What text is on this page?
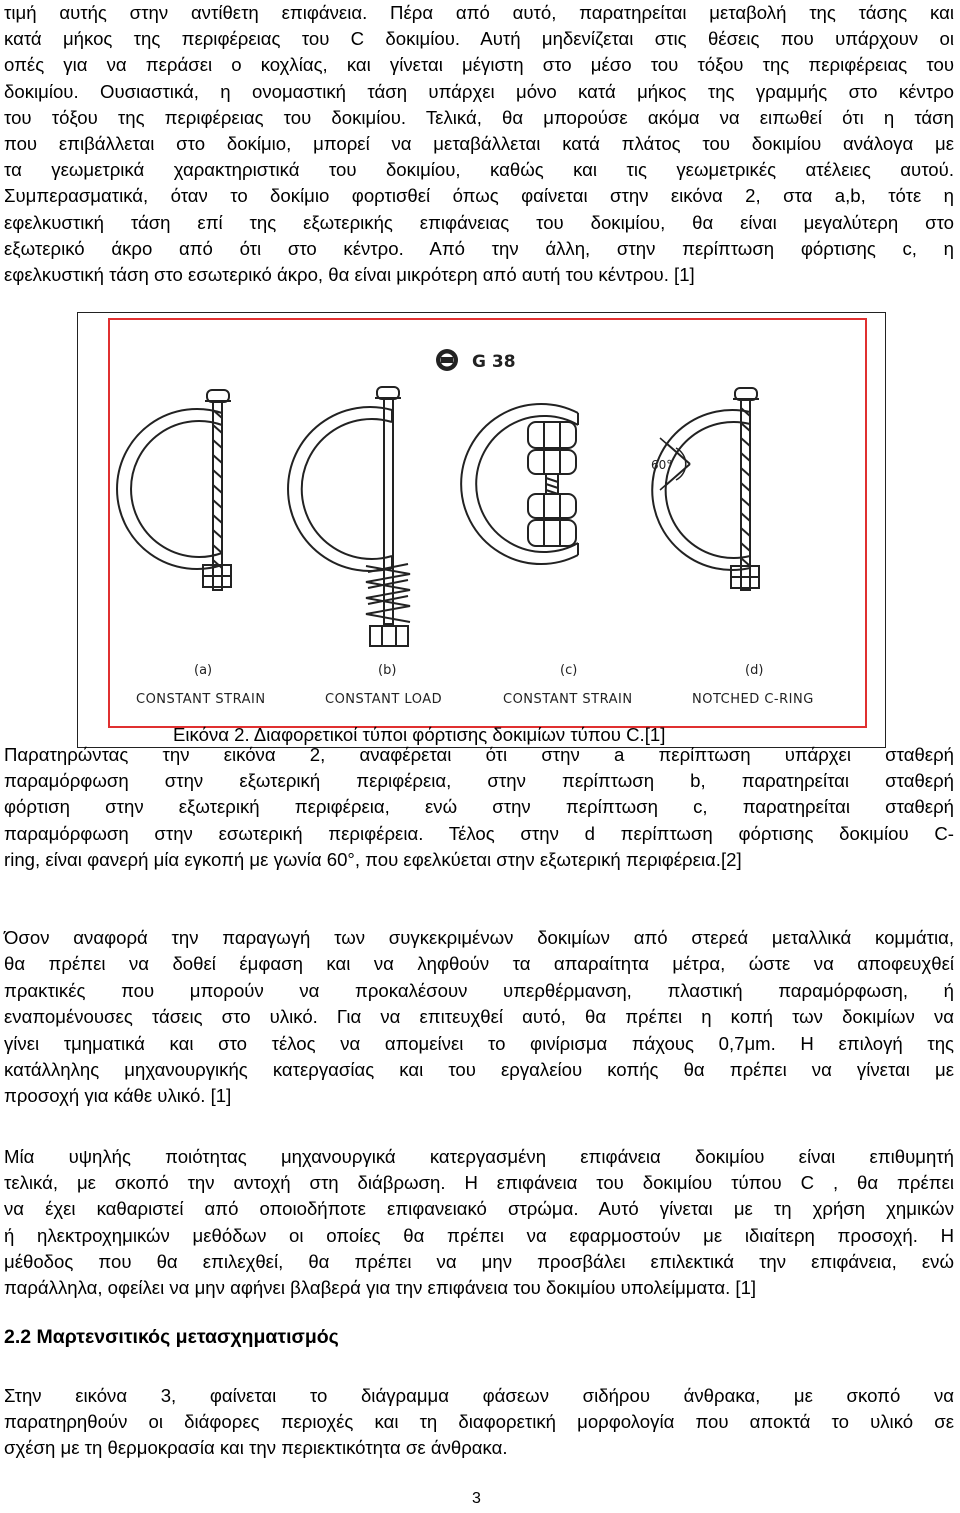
τιμή αυτής στην αντίθετη επιφάνεια. Πέρα από αυτό, παρατηρείται μεταβολή της τάσης και
κατά μήκος της περιφέρειας του C δοκιμίου. Αυτή μηδενίζεται στις θέσεις που υπάρχουν οι
οπές για να περάσει ο κοχλίας, και γίνεται μέγιστη στο μέσο του τόξου της περιφέρειας του
δοκιμίου. Ουσιαστικά, η ονομαστική τάση υπάρχει μόνο κατά μήκος της γραμμής στο κέντρο
του τόξου της περιφέρειας του δοκιμίου. Τελικά, θα μπορούσε ακόμα να ειπωθεί ότι η τάση
που επιβάλλεται στο δοκίμιο, μπορεί να μεταβάλλεται κατά πλάτος του δοκιμίου ανάλογα με
τα γεωμετρικά χαρακτηριστικά του δοκιμίου, καθώς και τις γεωμετρικές ατέλειες αυτού.
Συμπερασματικά, όταν το δοκίμιο φορτισθεί όπως φαίνεται στην εικόνα 2, στα a,b, τότε η
εφελκυστική τάση επί της εξωτερικής επιφάνειας του δοκιμίου, θα είναι μεγαλύτερη στο
εξωτερικό άκρο από ότι στο κέντρο. Από την άλλη, στην περίπτωση φόρτισης c, η
εφελκυστική τάση στο εσωτερικό άκρο, θα είναι μικρότερη από αυτή του κέντρου. [1]
G 38
60°
(a)	(b)	(c)	(d)
CONSTANT STRAIN	CONSTANT LOAD	CONSTANT STRAIN	NOTCHED C-RING

Εικόνα 2. Διαφορετικοί τύποι φόρτισης δοκιμίων τύπου C.[1]

Παρατηρώντας την εικόνα 2, αναφέρεται ότι στην a περίπτωση υπάρχει σταθερή
παραμόρφωση στην εξωτερική περιφέρεια, στην περίπτωση b, παρατηρείται σταθερή
φόρτιση στην εξωτερική περιφέρεια, ενώ στην περίπτωση c, παρατηρείται σταθερή
παραμόρφωση στην εσωτερική περιφέρεια. Τέλος στην d περίπτωση φόρτισης δοκιμίου C-
ring, είναι φανερή μία εγκοπή με γωνία 60°, που εφελκύεται στην εξωτερική περιφέρεια.[2]
Όσον αναφορά την παραγωγή των συγκεκριμένων δοκιμίων από στερεά μεταλλικά κομμάτια,
θα πρέπει να δοθεί έμφαση και να ληφθούν τα απαραίτητα μέτρα, ώστε να αποφευχθεί
πρακτικές που μπορούν να προκαλέσουν υπερθέρμανση, πλαστική παραμόρφωση, ή
εναπομένουσες τάσεις στο υλικό. Για να επιτευχθεί αυτό, θα πρέπει η κοπή των δοκιμίων να
γίνει τμηματικά και στο τέλος να απομείνει το φινίρισμα πάχους 0,7μm. Η επιλογή της
κατάλληλης μηχανουργικής κατεργασίας και του εργαλείου κοπής θα πρέπει να γίνεται με
προσοχή για κάθε υλικό. [1]
Μία υψηλής ποιότητας μηχανουργικά κατεργασμένη επιφάνεια δοκιμίου είναι επιθυμητή
τελικά, με σκοπό την αντοχή στη διάβρωση. Η επιφάνεια του δοκιμίου τύπου C , θα πρέπει
να έχει καθαριστεί από οποιοδήποτε επιφανειακό στρώμα. Αυτό γίνεται με τη χρήση χημικών
ή ηλεκτροχημικών μεθόδων οι οποίες θα πρέπει να εφαρμοστούν με ιδιαίτερη προσοχή. Η
μέθοδος που θα επιλεχθεί, θα πρέπει να μην προσβάλει επιλεκτικά την επιφάνεια, ενώ
παράλληλα, οφείλει να μην αφήνει βλαβερά για την επιφάνεια του δοκιμίου υπολείμματα. [1]
2.2 Μαρτενσιτικός μετασχηματισμός
Στην εικόνα 3, φαίνεται το διάγραμμα φάσεων σιδήρου άνθρακα, με σκοπό να
παρατηρηθούν οι διάφορες περιοχές και τη διαφορετική μορφολογία που αποκτά το υλικό σε
σχέση με τη θερμοκρασία και την περιεκτικότητα σε άνθρακα.

3
